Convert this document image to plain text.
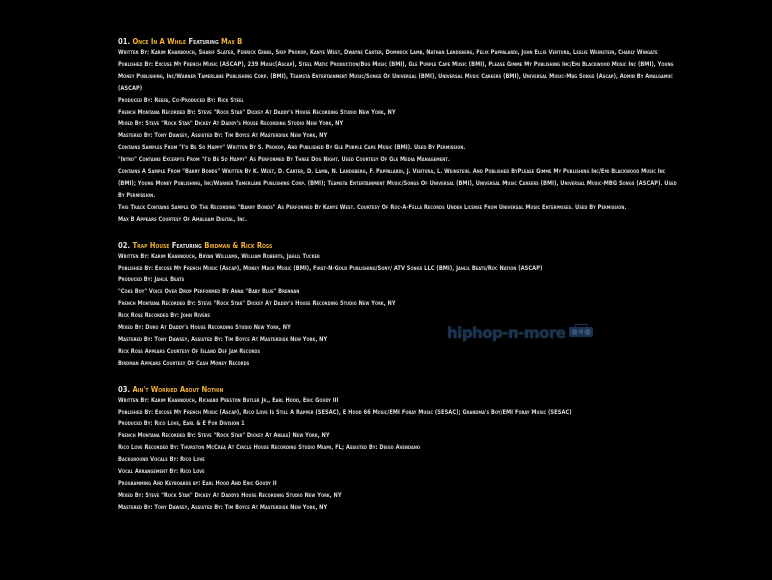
01. Once In A While Featuring Max B
Written By: Karim Kharbouch, Sharif Slater, Fenrick Gibbs, Skip Prokop, Kanye West, Dwayne Carter, Dominick Lamb, Nathan Landsberg, Felix Pappalardi, John Ellis Ventura, Leslie Weinstein, Charly Wingate
Published By: Excuse My French Music (ASCAP), 239 Music(Ascap), Steel Matic Production/Bug Music (BMI), Gle Purple Cape Music (BMI), Please Gimme My Publishing Inc/Emi Blackwood Music Inc (BMI), Young Money Publishing, Inc/Warner Tamerlane Publishing Corp. (BMI), Teamsta Entertainment Music/Songs Of Universal (BMI), Universal Music Careers (BMI), Universal Music-Mbg Songs (Ascap), Admin By Amalgamiic (ASCAP)
Produced By: Reefa, Co-Produced By: Rick Steel
French Montana Recorded By: Steve "Rock Star" Dickey At Daddy's House Recording Studio New York, NY
Mixed By: Steve "Rock Star" Dickey At Daddy's House Recording Studio New York, NY
Mastered By: Tony Dawsey, Assisted By: Tim Boyce At Masterdisk New York, NY
Contains Samples From "I'd Be So Happy" Written By S. Prokop, And Published By Gle Purple Cape Music (BMI). Used By Permission.
"Intro" Contains Excerpts From "I'd Be So Happy" As Performed By Three Dog Night. Used Courtesy Of Gle Media Management.
Contains A Sample From "Barry Bonds" Written By K. West, D. Carter, D. Lamb, N. Landsberg, F. Pappalardi, J. Ventura, L. Weinstein. And Published ByPlease Gimme My Publishing Inc/Emi Blackwood Music Inc (BMI); Young Money Publishing, Inc/Warner Tamerlane Publishing Corp. (BMI); Teamsta Entertainment Music/Songs Of Universal (BMI), Universal Music Careers (BMI), Universal Music-MBG Songs (ASCAP). Used By Permission.
This Track Contains Sample Of The Recording "Barry Bonds" As Performed By Kanye West. Courtesy Of Roc-A-Fella Records Under License From Universal Music Enterprises. Used By Permission.
Max B Appears Courtesy Of Amalgam Digital, Inc.
02. Trap House Featuring Birdman & Rick Ross
Written By: Karim Kharbouch, Bryan Williams, William Roberts, Jahlil Tucker
Published By: Excuse My French Music (Ascap), Money Mack Music (BMI), First-N-Gold Publishing/Sony/ ATV Songs LLC (BMI), Jahlil Beats/Roc Nation (ASCAP)
Produced By: Jahlil Beats
"Coke Boy" Voice Over Drop Performed By Anna "Baby Blue" Brennan
French Montana Recorded By: Steve "Rock Star" Dickey At Daddy's House Recording Studio New York, NY
Rick Ross Recorded By: John Rivers
Mixed By: Duro At Daddy's House Recording Studio New York, NY
Mastered By: Tony Dawsey, Assisted By: Tim Boyce At Masterdisk New York, NY
Rick Ross Appears Courtesy Of Island Def Jam Records
Birdman Appears Courtesy Of Cash Money Records
03. Ain't Worried About Nothin
Written By: Karim Kharbouch, Richard Preston Butler Jr., Earl Hood, Eric Goudy III
Published By: Excuse My French Music (Ascap), Rico Love Is Still A Rapper (SESAC), E Hood 66 Music/EMI Foray Music (SESAC); Grandma's Boy/EMI Foray Music (SESAC)
Produced By: Rico Love, Earl & E For Division 1
French Montana Recorded By: Steve "Rock Star" Dickey At Areas) New York, NY
Rico Love Recorded By: Thurston McCrea At Circle House Recording Studio Miami, FL; Assisted By: Diego Avendano
Background Vocals By: Rico Love
Vocal Arrangement By: Rico Love
Programming And Keyboards by: Earl Hood And Eric Goudy II
Mixed By: Steve "Rock Star" Dickey At Daddys House Recording Studio New York, NY
Mastered By: Tony Dawsey, Assisted By: Tim Boyce At Masterdisk New York, NY
hiphop-n-more
